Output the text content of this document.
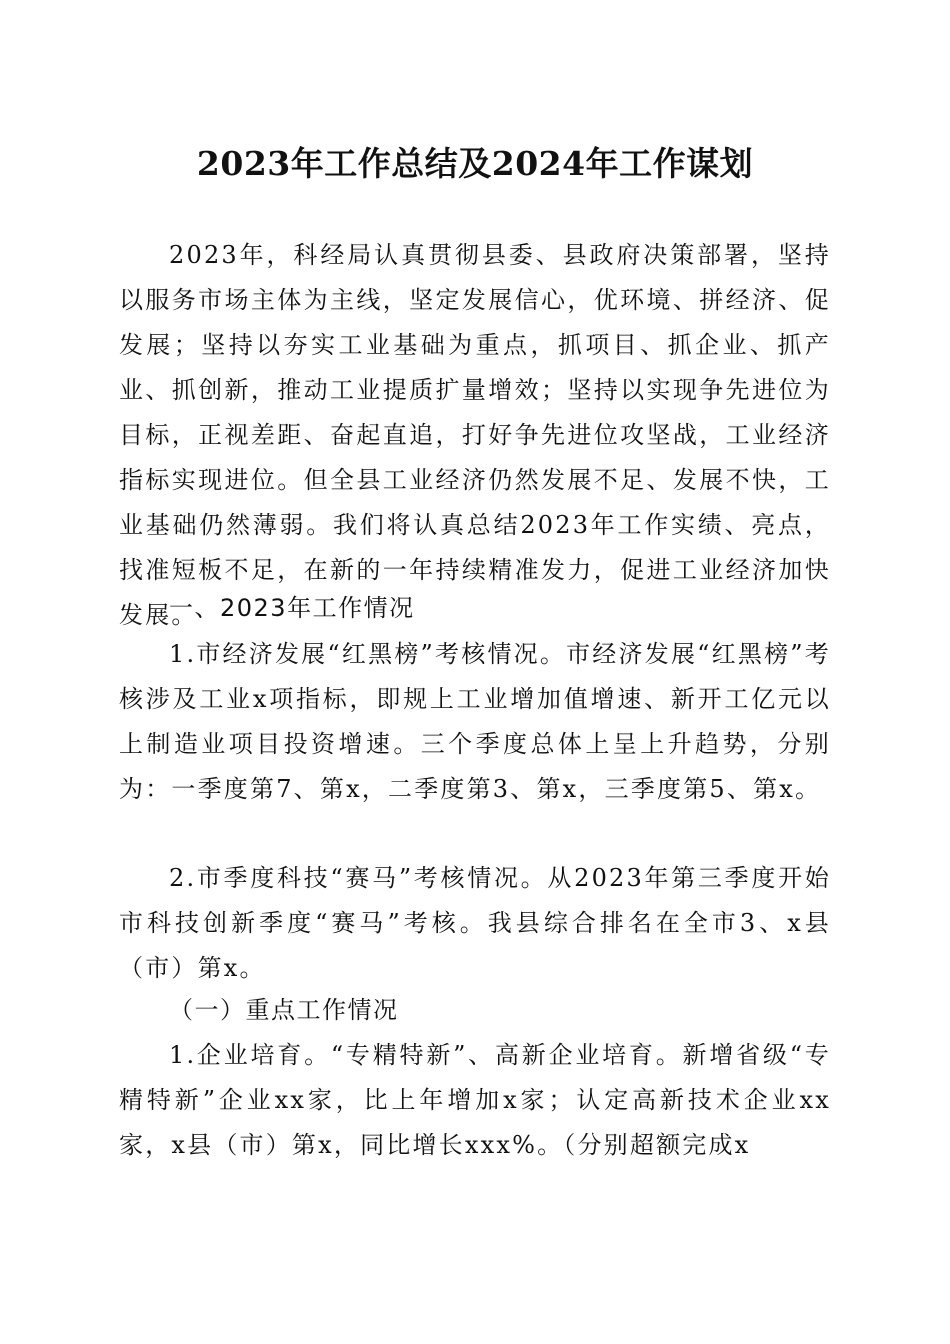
2023年工作总结及2024年工作谋划
2023年，科经局认真贯彻县委、县政府决策部署，坚持以服务市场主体为主线，坚定发展信心，优环境、拼经济、促发展；坚持以夯实工业基础为重点，抓项目、抓企业、抓产业、抓创新，推动工业提质扩量增效；坚持以实现争先进位为目标，正视差距、奋起直追，打好争先进位攻坚战，工业经济指标实现进位。但全县工业经济仍然发展不足、发展不快，工业基础仍然薄弱。我们将认真总结2023年工作实绩、亮点，找准短板不足，在新的一年持续精准发力，促进工业经济加快发展。
一、2023年工作情况
1.市经济发展“红黑榜”考核情况。市经济发展“红黑榜”考核涉及工业x项指标，即规上工业增加值增速、新开工亿元以上制造业项目投资增速。三个季度总体上呈上升趋势，分别为：一季度第7、第x，二季度第3、第x，三季度第5、第x。
2.市季度科技“赛马”考核情况。从2023年第三季度开始市科技创新季度“赛马”考核。我县综合排名在全市3、x县（市）第x。
（一）重点工作情况
1.企业培育。“专精特新”、高新企业培育。新增省级“专精特新”企业xx家，比上年增加x家；认定高新技术企业xx家，x县（市）第x，同比增长xxx%。（分别超额完成x
